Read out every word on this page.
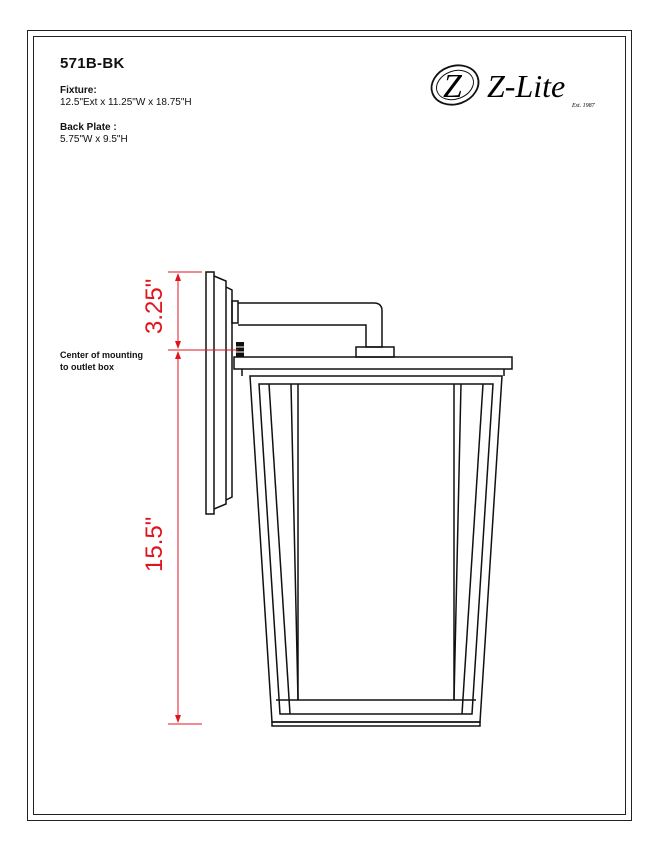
571B-BK
Fixture:
12.5"Ext x 11.25"W x 18.75"H
Back Plate :
5.75"W x 9.5"H
Center of mounting
to outlet box
Z Z-Lite
Est. 1987
3.25"
15.5"
